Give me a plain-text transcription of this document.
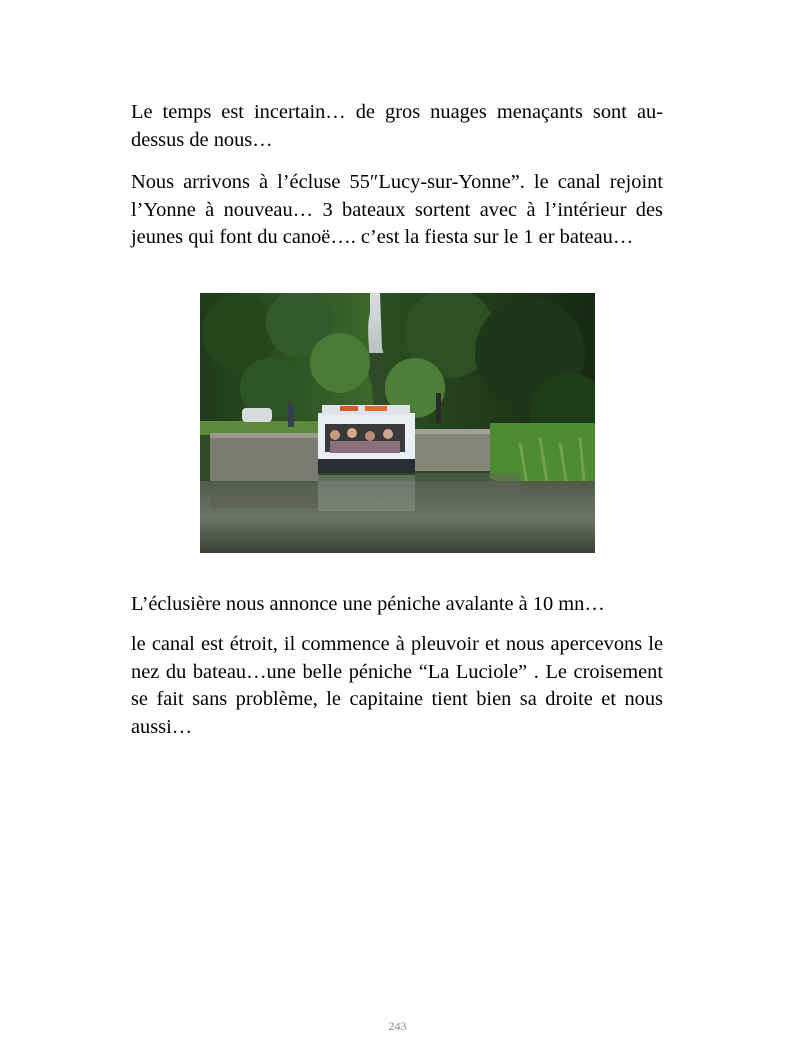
Le temps est incertain… de gros nuages menaçants sont au-dessus de nous…

Nous arrivons à l’écluse 55″Lucy-sur-Yonne”. le canal rejoint l’Yonne à nouveau… 3 bateaux sortent avec à l’intérieur des jeunes qui font du canoë…. c’est la fiesta sur le 1 er bateau…

L’éclusière nous annonce une péniche avalante à 10 mn…

le canal est étroit, il commence à pleuvoir et nous apercevons le nez du bateau…une belle péniche “La Luciole” . Le croisement se fait sans problème, le capitaine tient bien sa droite et nous aussi…

243
